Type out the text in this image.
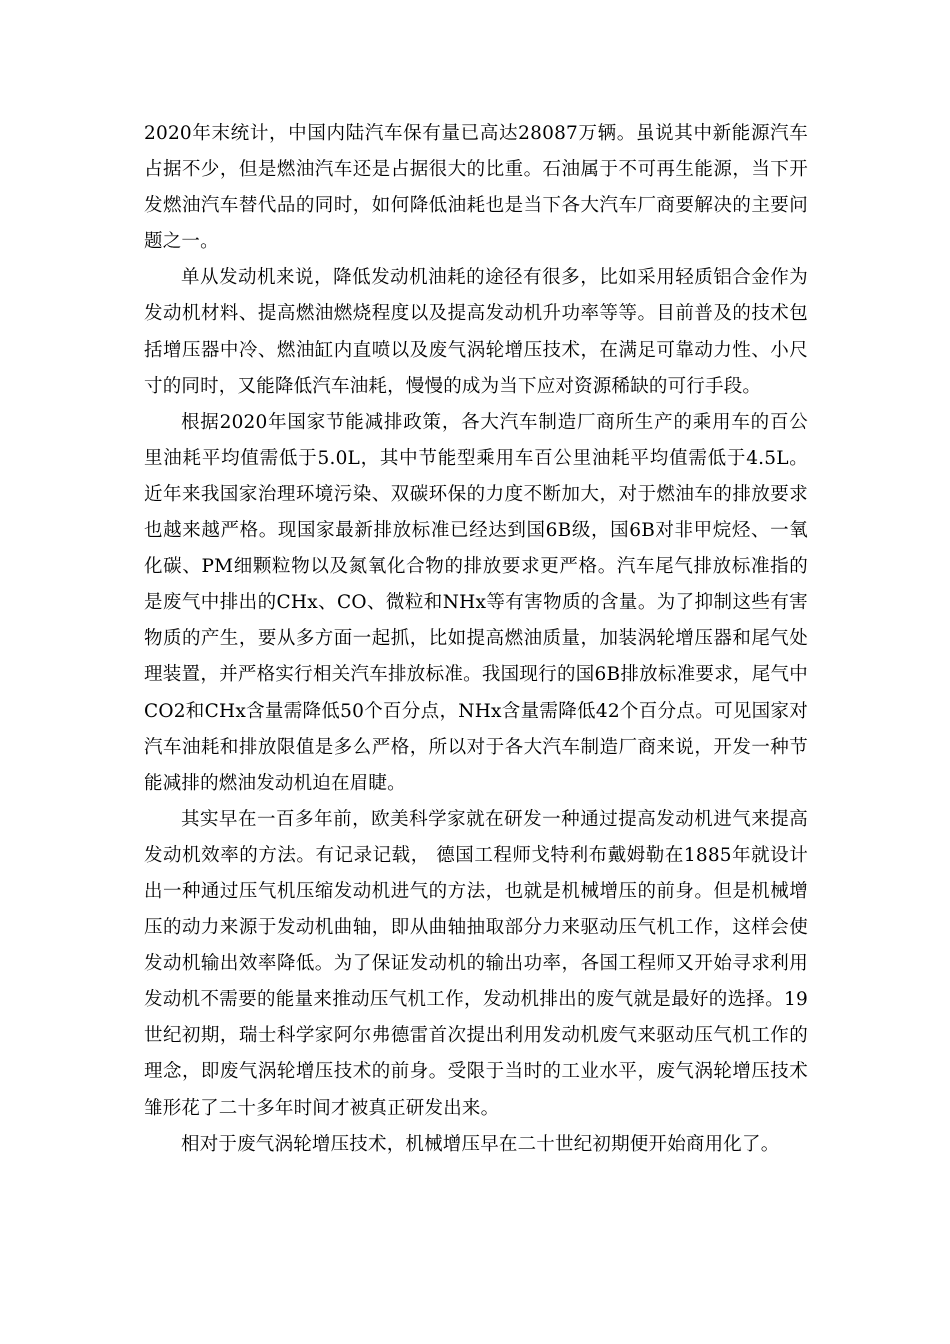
2020年末统计，中国内陆汽车保有量已高达28087万辆。虽说其中新能源汽车占据不少，但是燃油汽车还是占据很大的比重。石油属于不可再生能源，当下开发燃油汽车替代品的同时，如何降低油耗也是当下各大汽车厂商要解决的主要问题之一。

单从发动机来说，降低发动机油耗的途径有很多，比如采用轻质铝合金作为发动机材料、提高燃油燃烧程度以及提高发动机升功率等等。目前普及的技术包括增压器中冷、燃油缸内直喷以及废气涡轮增压技术，在满足可靠动力性、小尺寸的同时，又能降低汽车油耗，慢慢的成为当下应对资源稀缺的可行手段。

根据2020年国家节能减排政策，各大汽车制造厂商所生产的乘用车的百公里油耗平均值需低于5.0L，其中节能型乘用车百公里油耗平均值需低于4.5L。近年来我国家治理环境污染、双碳环保的力度不断加大，对于燃油车的排放要求也越来越严格。现国家最新排放标准已经达到国6B级，国6B对非甲烷烃、一氧化碳、PM细颗粒物以及氮氧化合物的排放要求更严格。汽车尾气排放标准指的是废气中排出的CHx、CO、微粒和NHx等有害物质的含量。为了抑制这些有害物质的产生，要从多方面一起抓，比如提高燃油质量，加装涡轮增压器和尾气处理装置，并严格实行相关汽车排放标准。我国现行的国6B排放标准要求，尾气中CO2和CHx含量需降低50个百分点，NHx含量需降低42个百分点。可见国家对汽车油耗和排放限值是多么严格，所以对于各大汽车制造厂商来说，开发一种节能减排的燃油发动机迫在眉睫。

其实早在一百多年前，欧美科学家就在研发一种通过提高发动机进气来提高发动机效率的方法。有记录记载， 德国工程师戈特利布戴姆勒在1885年就设计出一种通过压气机压缩发动机进气的方法，也就是机械增压的前身。但是机械增压的动力来源于发动机曲轴，即从曲轴抽取部分力来驱动压气机工作，这样会使发动机输出效率降低。为了保证发动机的输出功率，各国工程师又开始寻求利用发动机不需要的能量来推动压气机工作，发动机排出的废气就是最好的选择。19世纪初期，瑞士科学家阿尔弗德雷首次提出利用发动机废气来驱动压气机工作的理念，即废气涡轮增压技术的前身。受限于当时的工业水平，废气涡轮增压技术雏形花了二十多年时间才被真正研发出来。

相对于废气涡轮增压技术，机械增压早在二十世纪初期便开始商用化了。
